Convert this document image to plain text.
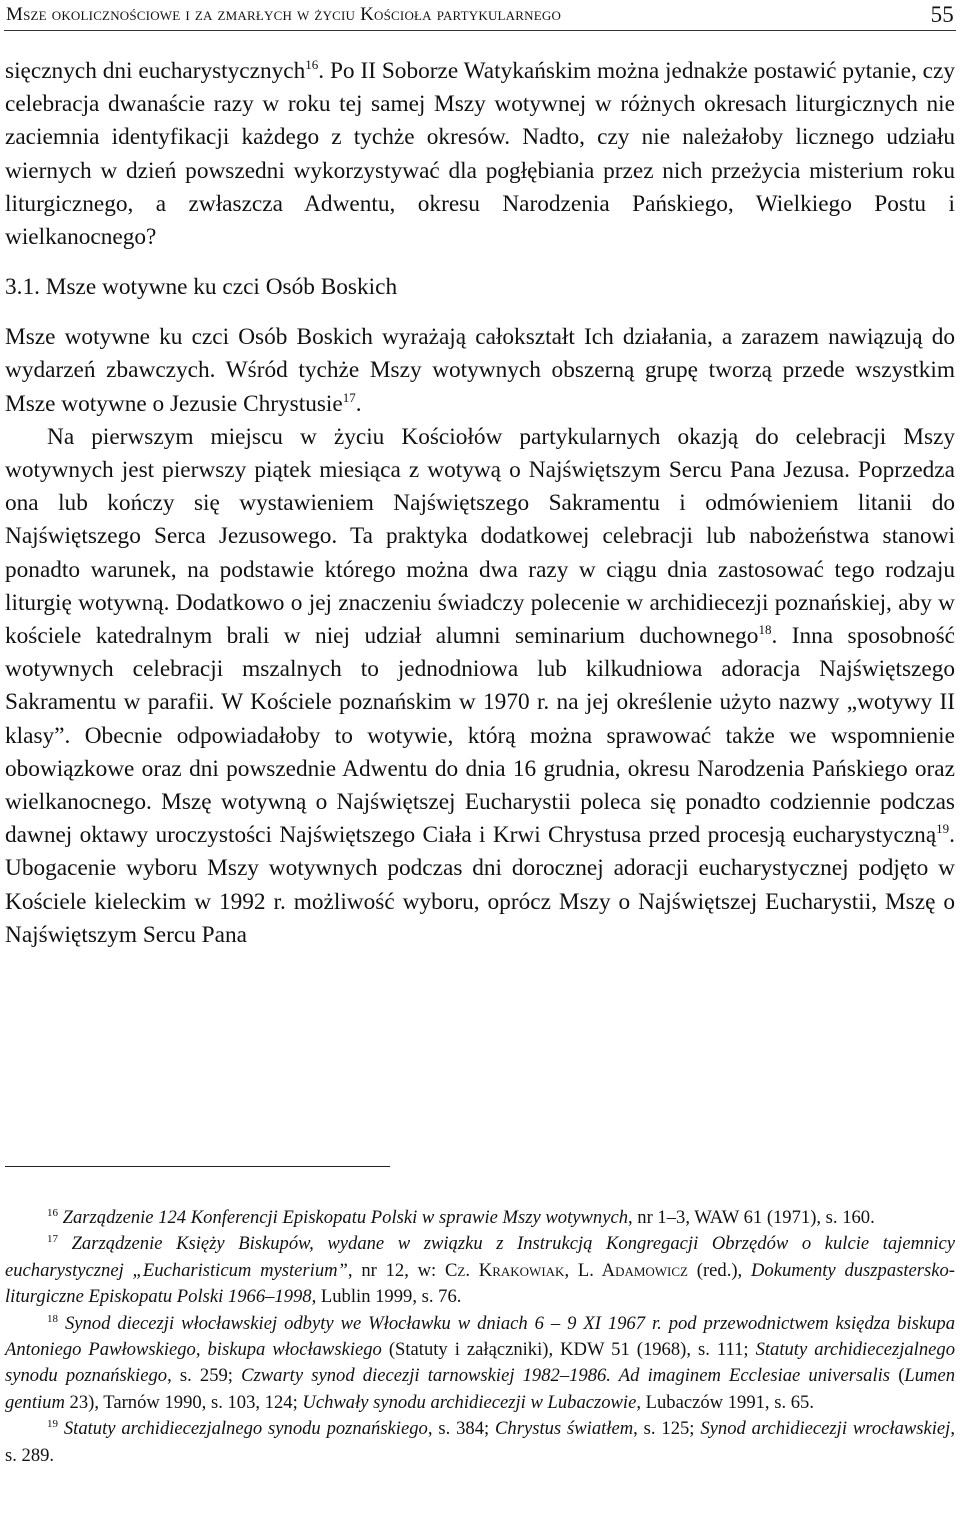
Msze okolicznościowe i za zmarłych w życiu Kościoła partykularnego	55

sięcznych dni eucharystycznych$^{16}$. Po II Soborze Watykańskim można jednakże postawić pytanie, czy celebracja dwanaście razy w roku tej samej Mszy wotywnej w różnych okresach liturgicznych nie zaciemnia identyfikacji każdego z tychże okresów. Nadto, czy nie należałoby licznego udziału wiernych w dzień powszedni wykorzystywać dla pogłębiania przez nich przeżycia misterium roku liturgicznego, a zwłaszcza Adwentu, okresu Narodzenia Pańskiego, Wielkiego Postu i wielkanocnego?

3.1. Msze wotywne ku czci Osób Boskich

Msze wotywne ku czci Osób Boskich wyrażają całokształt Ich działania, a zarazem nawiązują do wydarzeń zbawczych. Wśród tychże Mszy wotywnych obszerną grupę tworzą przede wszystkim Msze wotywne o Jezusie Chrystusie$^{17}$.

Na pierwszym miejscu w życiu Kościołów partykularnych okazją do celebracji Mszy wotywnych jest pierwszy piątek miesiąca z wotywą o Najświętszym Sercu Pana Jezusa. Poprzedza ona lub kończy się wystawieniem Najświętszego Sakramentu i odmówieniem litanii do Najświętszego Serca Jezusowego. Ta praktyka dodatkowej celebracji lub nabożeństwa stanowi ponadto warunek, na podstawie którego można dwa razy w ciągu dnia zastosować tego rodzaju liturgię wotywną. Dodatkowo o jej znaczeniu świadczy polecenie w archidiecezji poznańskiej, aby w kościele katedralnym brali w niej udział alumni seminarium duchownego$^{18}$. Inna sposobność wotywnych celebracji mszalnych to jednodniowa lub kilkudniowa adoracja Najświętszego Sakramentu w parafii. W Kościele poznańskim w 1970 r. na jej określenie użyto nazwy „wotywy II klasy”. Obecnie odpowiadałoby to wotywie, którą można sprawować także we wspomnienie obowiązkowe oraz dni powszednie Adwentu do dnia 16 grudnia, okresu Narodzenia Pańskiego oraz wielkanocnego. Mszę wotywną o Najświętszej Eucharystii poleca się ponadto codziennie podczas dawnej oktawy uroczystości Najświętszego Ciała i Krwi Chrystusa przed procesją eucharystyczną$^{19}$. Ubogacenie wyboru Mszy wotywnych podczas dni dorocznej adoracji eucharystycznej podjęto w Kościele kieleckim w 1992 r. możliwość wyboru, oprócz Mszy o Najświętszej Eucharystii, Mszę o Najświętszym Sercu Pana

$^{16}$ Zarządzenie 124 Konferencji Episkopatu Polski w sprawie Mszy wotywnych, nr 1–3, WAW 61 (1971), s. 160.

$^{17}$ Zarządzenie Księży Biskupów, wydane w związku z Instrukcją Kongregacji Obrzędów o kulcie tajemnicy eucharystycznej „Eucharisticum mysterium”, nr 12, w: Cz. Krakowiak, L. Adamowicz (red.), Dokumenty duszpastersko-liturgiczne Episkopatu Polski 1966–1998, Lublin 1999, s. 76.

$^{18}$ Synod diecezji włocławskiej odbyty we Włocławku w dniach 6 – 9 XI 1967 r. pod przewodnictwem księdza biskupa Antoniego Pawłowskiego, biskupa włocławskiego (Statuty i załączniki), KDW 51 (1968), s. 111; Statuty archidiecezjalnego synodu poznańskiego, s. 259; Czwarty synod diecezji tarnowskiej 1982–1986. Ad imaginem Ecclesiae universalis (Lumen gentium 23), Tarnów 1990, s. 103, 124; Uchwały synodu archidiecezji w Lubaczowie, Lubaczów 1991, s. 65.

$^{19}$ Statuty archidiecezjalnego synodu poznańskiego, s. 384; Chrystus światłem, s. 125; Synod archidiecezji wrocławskiej, s. 289.
